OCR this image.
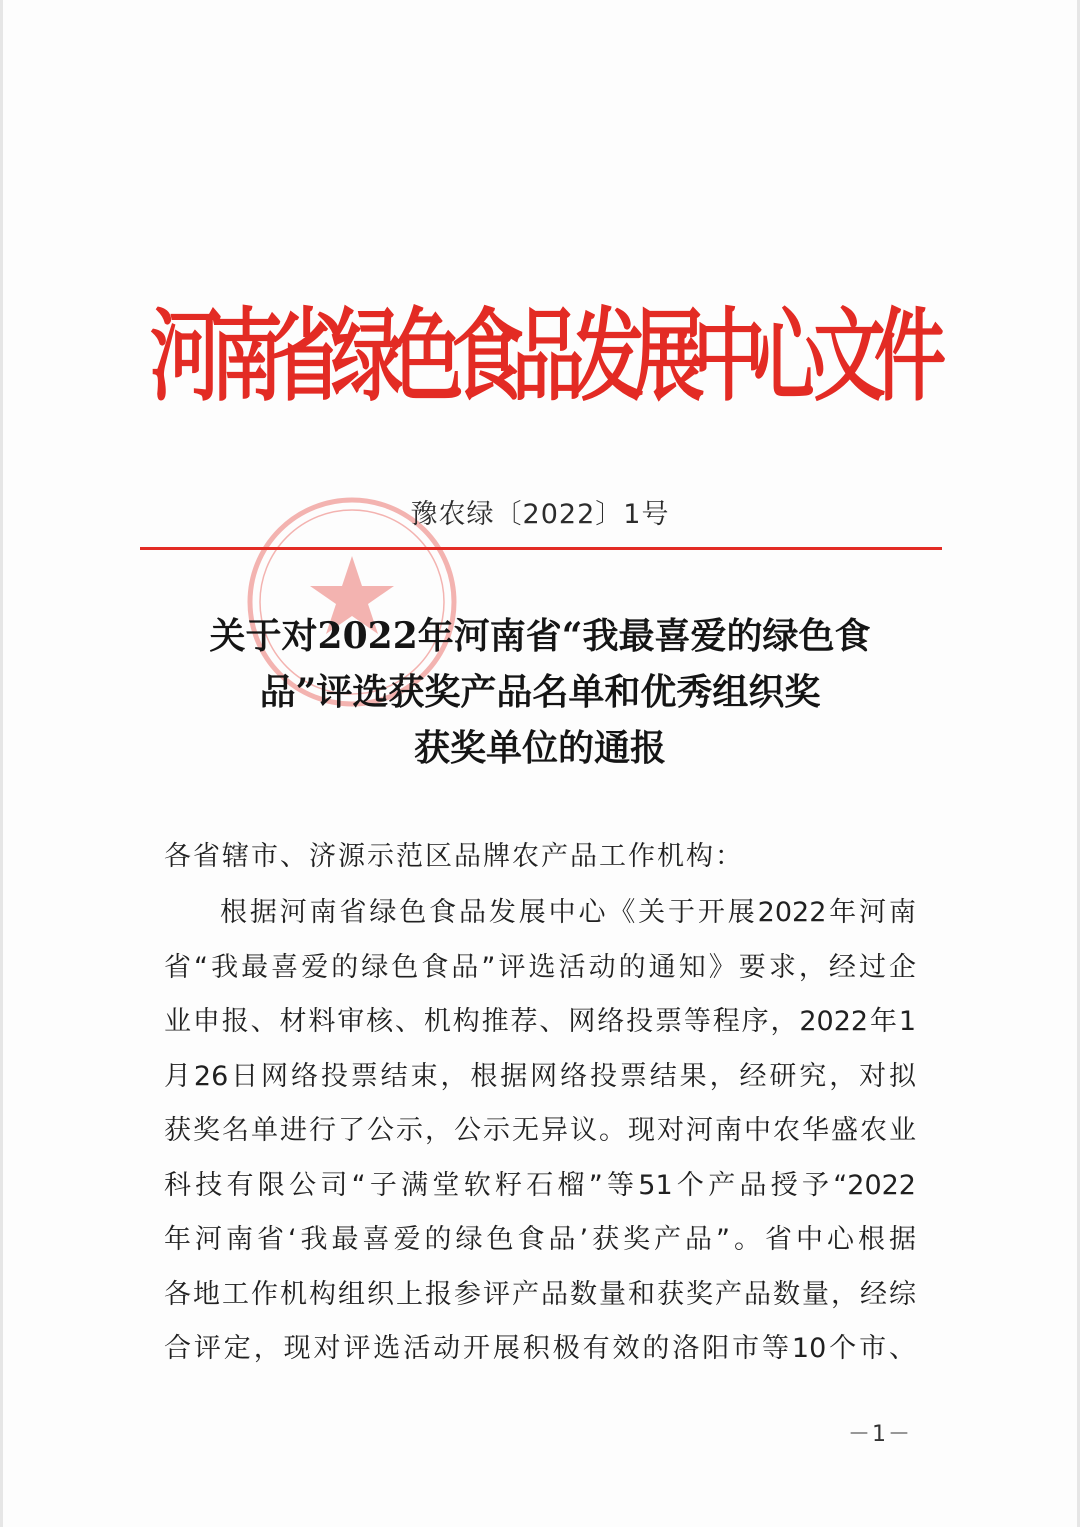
河
南
省
绿
色
食
品
发
展
中
心
文
件
豫农绿〔2022〕1号
关于对2022年河南省“我最喜爱的绿色食
品”评选获奖产品名单和优秀组织奖
获奖单位的通报
各省辖市、济源示范区品牌农产品工作机构：
根据河南省绿色食品发展中心《关于开展2022年河南
省“我最喜爱的绿色食品”评选活动的通知》要求，经过企
业申报、材料审核、机构推荐、网络投票等程序，2022年1
月26日网络投票结束，根据网络投票结果，经研究，对拟
获奖名单进行了公示，公示无异议。现对河南中农华盛农业
科技有限公司“子满堂软籽石榴”等51个产品授予“2022
年河南省‘我最喜爱的绿色食品’获奖产品”。省中心根据
各地工作机构组织上报参评产品数量和获奖产品数量，经综
合评定，现对评选活动开展积极有效的洛阳市等10个市、
－1－
